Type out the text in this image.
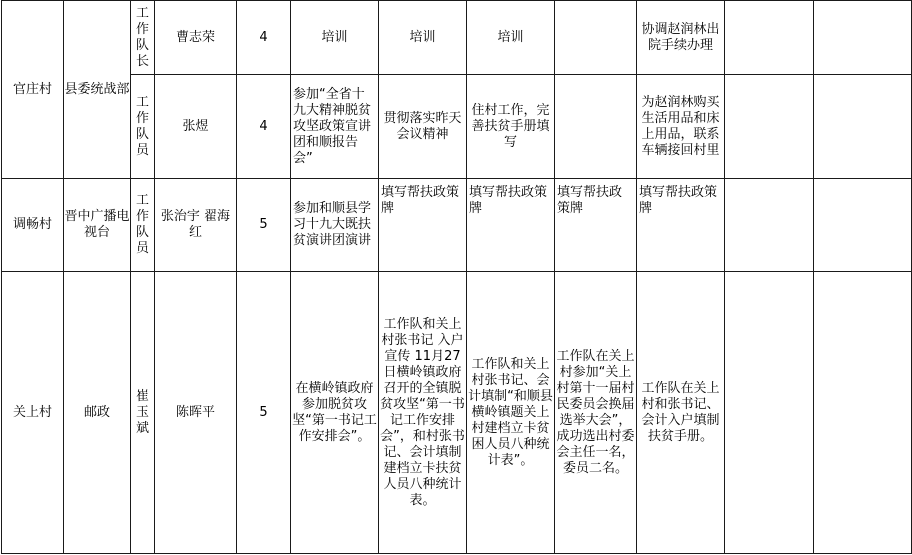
官庄村	县委统战部	工作队长	曹志荣	4	培训	培训	培训		协调赵润林出院手续办理		
		工作队员	张煜	4	参加“全省十九大精神脱贫攻坚政策宣讲团和顺报告会”	贯彻落实昨天会议精神	住村工作，完善扶贫手册填写		为赵润林购买生活用品和床上用品，联系车辆接回村里		
调畅村	晋中广播电视台	工作队员	张治宇 翟海红	5	参加和顺县学习十九大既扶贫演讲团演讲	填写帮扶政策牌	填写帮扶政策牌	填写帮扶政策牌	填写帮扶政策牌		
关上村	邮政	崔玉斌	陈晖平	5	在横岭镇政府参加脱贫攻坚“第一书记工作安排会”。	工作队和关上村张书记 入户宣传 11月27日横岭镇政府召开的全镇脱贫攻坚“第一书记工作安排会”，和村张书记、会计填制建档立卡扶贫人员八种统计表。	工作队和关上村张书记、会计填制“和顺县横岭镇题关上村建档立卡贫困人员八种统计表”。	工作队在关上村参加“关上村第十一届村民委员会换届选举大会”，成功选出村委会主任一名，委员二名。	工作队在关上村和张书记、会计入户填制扶贫手册。		
